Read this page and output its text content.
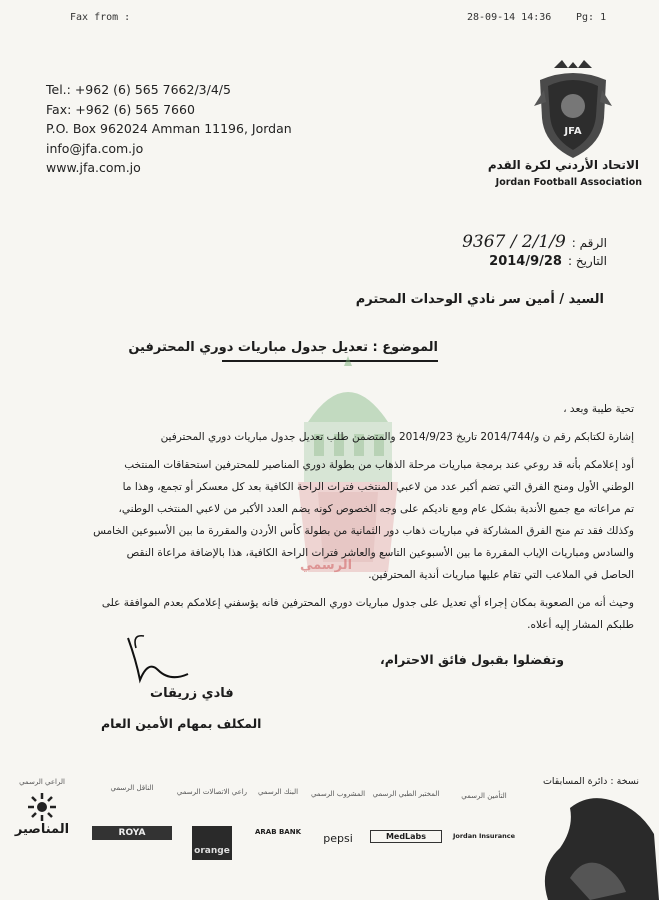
Fax from :	28-09-14 14:36 Pg: 1
Tel.: +962 (6) 565 7662/3/4/5
Fax: +962 (6) 565 7660
P.O. Box 962024 Amman 11196, Jordan
info@jfa.com.jo
www.jfa.com.jo
JFA
الاتحاد الأردني لكرة القدم
Jordan Football Association
الرقم :
9367 / 2/1/9
التاريخ :
2014/9/28
السيد / أمين سر نادي الوحدات المحترم
الموضوع : تعديل جدول مباريات دوري المحترفين
الرسمي

تحية طيبة وبعد ،

إشارة لكتابكم رقم ن و/2014/744 تاريخ 2014/9/23 والمتضمن طلب تعديل جدول مباريات دوري المحترفين

أود إعلامكم بأنه قد روعي عند برمجة مباريات مرحلة الذهاب من بطولة دوري المناصير للمحترفين استحقاقات المنتخب

الوطني الأول ومنح الفرق التي تضم أكبر عدد من لاعبي المنتخب فترات الراحة الكافية بعد كل معسكر أو تجمع، وهذا ما

تم مراعاته مع جميع الأندية بشكل عام ومع ناديكم على وجه الخصوص كونه يضم العدد الأكبر من لاعبي المنتخب الوطني،

وكذلك فقد تم منح الفرق المشاركة في مباريات ذهاب دور الثمانية من بطولة كأس الأردن والمقررة ما بين الأسبوعين الخامس

والسادس ومباريات الإياب المقررة ما بين الأسبوعين التاسع والعاشر فترات الراحة الكافية، هذا بالإضافة مراعاة النقص

الحاصل في الملاعب التي تقام عليها مباريات أندية المحترفين.

وحيث أنه من الصعوبة بمكان إجراء أي تعديل على جدول مباريات دوري المحترفين فانه يؤسفني إعلامكم بعدم الموافقة على

طلبكم المشار إليه أعلاه.

وتفضلوا بقبول فائق الاحترام،
فادي زريقات
المكلف بمهام الأمين العام
نسخة : دائرة المسابقات
الراعي الرسمي
المناصير
الناقل الرسمي
ROYA
راعي الاتصالات الرسمي
orange
البنك الرسمي
ARAB BANK
المشروب الرسمي
pepsi
المختبر الطبي الرسمي
MedLabs
التأمين الرسمي
Jordan Insurance
